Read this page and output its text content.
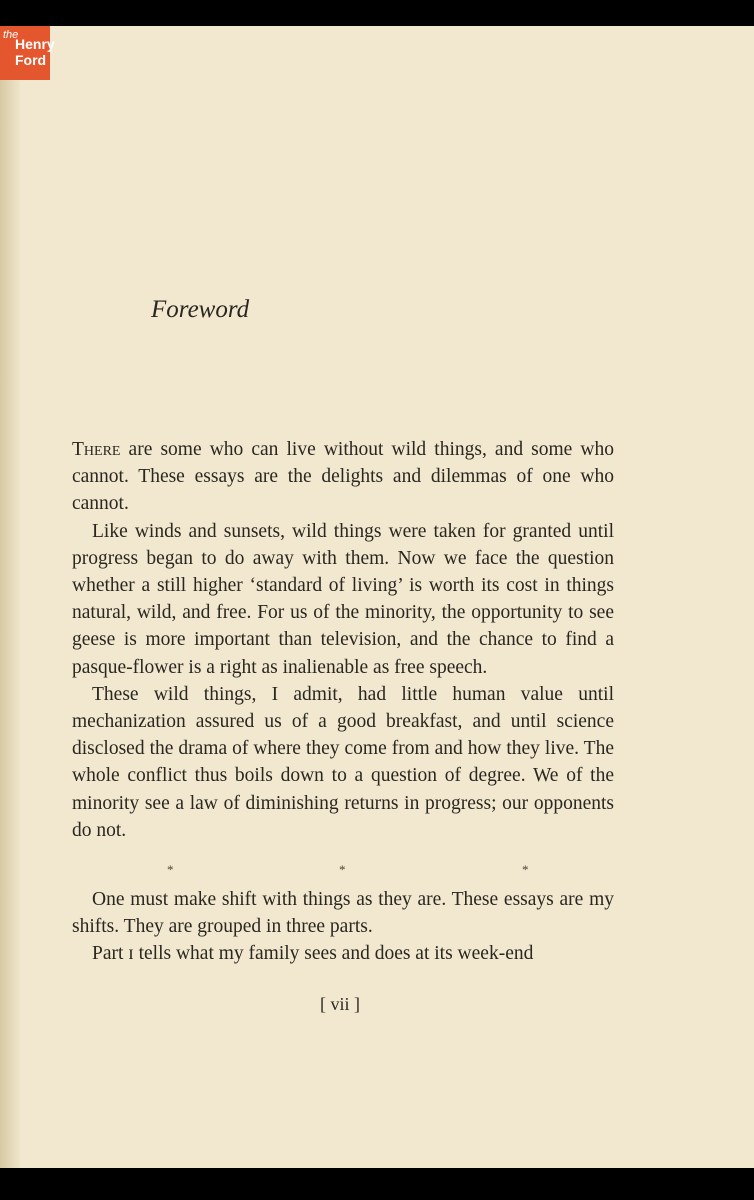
the
Henry
Ford
Foreword

There are some who can live without wild things, and some who cannot. These essays are the delights and dilemmas of one who cannot.

Like winds and sunsets, wild things were taken for granted until progress began to do away with them. Now we face the question whether a still higher ‘standard of living’ is worth its cost in things natural, wild, and free. For us of the minority, the opportunity to see geese is more important than television, and the chance to find a pasque-flower is a right as inalienable as free speech.

These wild things, I admit, had little human value until mechanization assured us of a good breakfast, and until science disclosed the drama of where they come from and how they live. The whole conflict thus boils down to a question of degree. We of the minority see a law of diminishing returns in progress; our opponents do not.

*	*	*

One must make shift with things as they are. These essays are my shifts. They are grouped in three parts.

Part ɪ tells what my family sees and does at its week-end

[ vii ]
